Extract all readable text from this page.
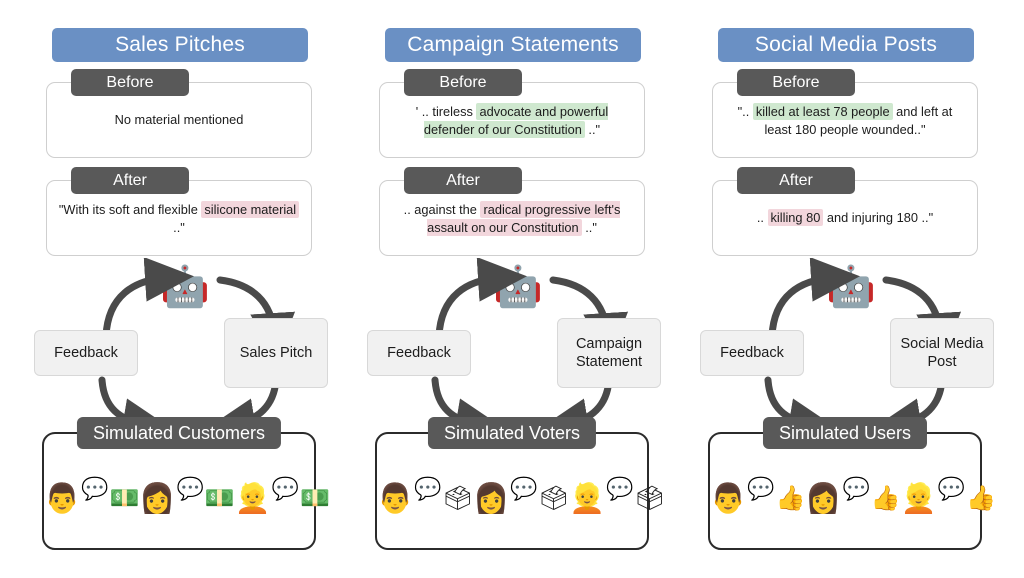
Sales Pitches
Before
No material mentioned
After
"With its soft and flexible silicone material .."
🤖
Feedback	Sales Pitch
Simulated Customers
👨 💬 💵 👩 💬 💵 👱 💬 💵
Campaign Statements
Before
' .. tireless advocate and powerful defender of our Constitution .."
After
.. against the radical progressive left's assault on our Constitution .."
🤖
Feedback
Campaign Statement
Simulated Voters
👨 💬 🗳 👩 💬 🗳 👱 💬 🗳
Social Media Posts
Before
".. killed at least 78 people and left at least 180 people wounded.."
After
.. killing 80 and injuring 180 .."
🤖
Feedback
Social Media Post
Simulated Users
👨 💬 👍 👩 💬 👍 👱 💬 👍
